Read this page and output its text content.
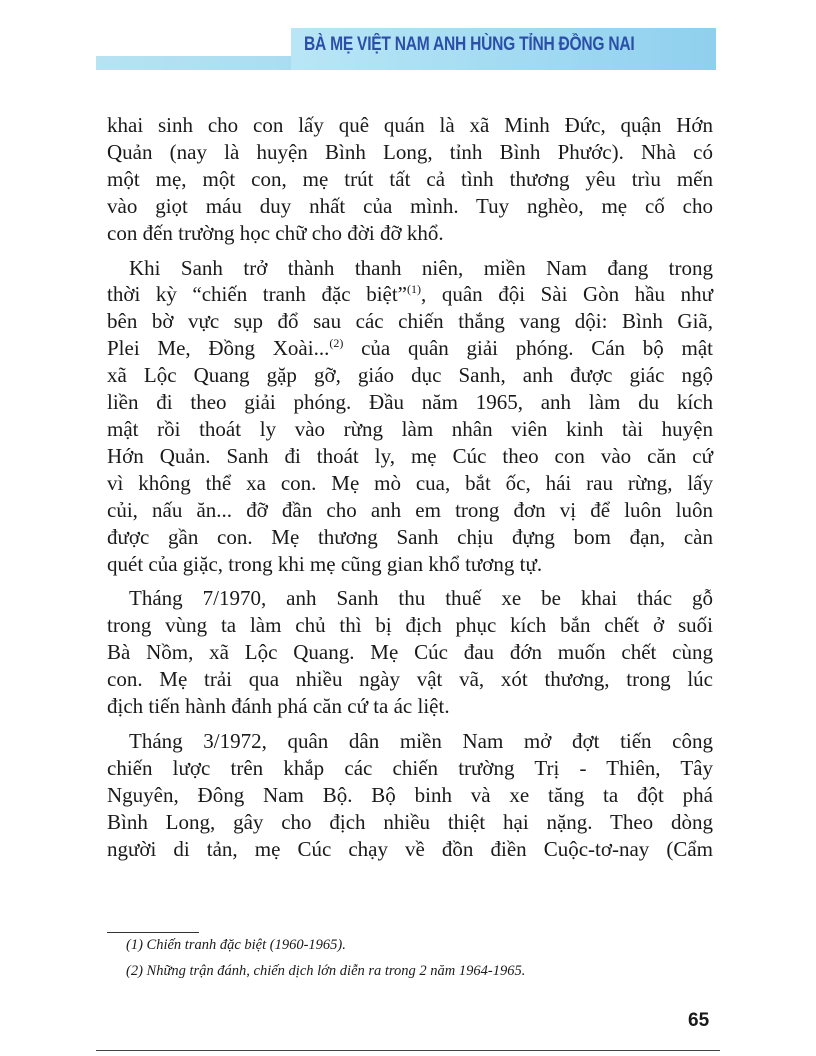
BÀ MẸ VIỆT NAM ANH HÙNG TỈNH ĐỒNG NAI
khai sinh cho con lấy quê quán là xã Minh Đức, quận Hớn
Quản (nay là huyện Bình Long, tỉnh Bình Phước). Nhà có
một mẹ, một con, mẹ trút tất cả tình thương yêu trìu mến
vào giọt máu duy nhất của mình. Tuy nghèo, mẹ cố cho
con đến trường học chữ cho đời đỡ khổ.
Khi Sanh trở thành thanh niên, miền Nam đang trong
thời kỳ “chiến tranh đặc biệt”$^{(1)}$, quân đội Sài Gòn hầu như
bên bờ vực sụp đổ sau các chiến thắng vang dội: Bình Giã,
Plei Me, Đồng Xoài...$^{(2)}$ của quân giải phóng. Cán bộ mật
xã Lộc Quang gặp gỡ, giáo dục Sanh, anh được giác ngộ
liền đi theo giải phóng. Đầu năm 1965, anh làm du kích
mật rồi thoát ly vào rừng làm nhân viên kinh tài huyện
Hớn Quản. Sanh đi thoát ly, mẹ Cúc theo con vào căn cứ
vì không thể xa con. Mẹ mò cua, bắt ốc, hái rau rừng, lấy
củi, nấu ăn... đỡ đần cho anh em trong đơn vị để luôn luôn
được gần con. Mẹ thương Sanh chịu đựng bom đạn, càn
quét của giặc, trong khi mẹ cũng gian khổ tương tự.
Tháng 7/1970, anh Sanh thu thuế xe be khai thác gỗ
trong vùng ta làm chủ thì bị địch phục kích bắn chết ở suối
Bà Nồm, xã Lộc Quang. Mẹ Cúc đau đớn muốn chết cùng
con. Mẹ trải qua nhiều ngày vật vã, xót thương, trong lúc
địch tiến hành đánh phá căn cứ ta ác liệt.
Tháng 3/1972, quân dân miền Nam mở đợt tiến công
chiến lược trên khắp các chiến trường Trị - Thiên, Tây
Nguyên, Đông Nam Bộ. Bộ binh và xe tăng ta đột phá
Bình Long, gây cho địch nhiều thiệt hại nặng. Theo dòng
người di tản, mẹ Cúc chạy về đồn điền Cuộc-tơ-nay (Cẩm
(1) Chiến tranh đặc biệt (1960-1965).
(2) Những trận đánh, chiến dịch lớn diễn ra trong 2 năm 1964-1965.
65
